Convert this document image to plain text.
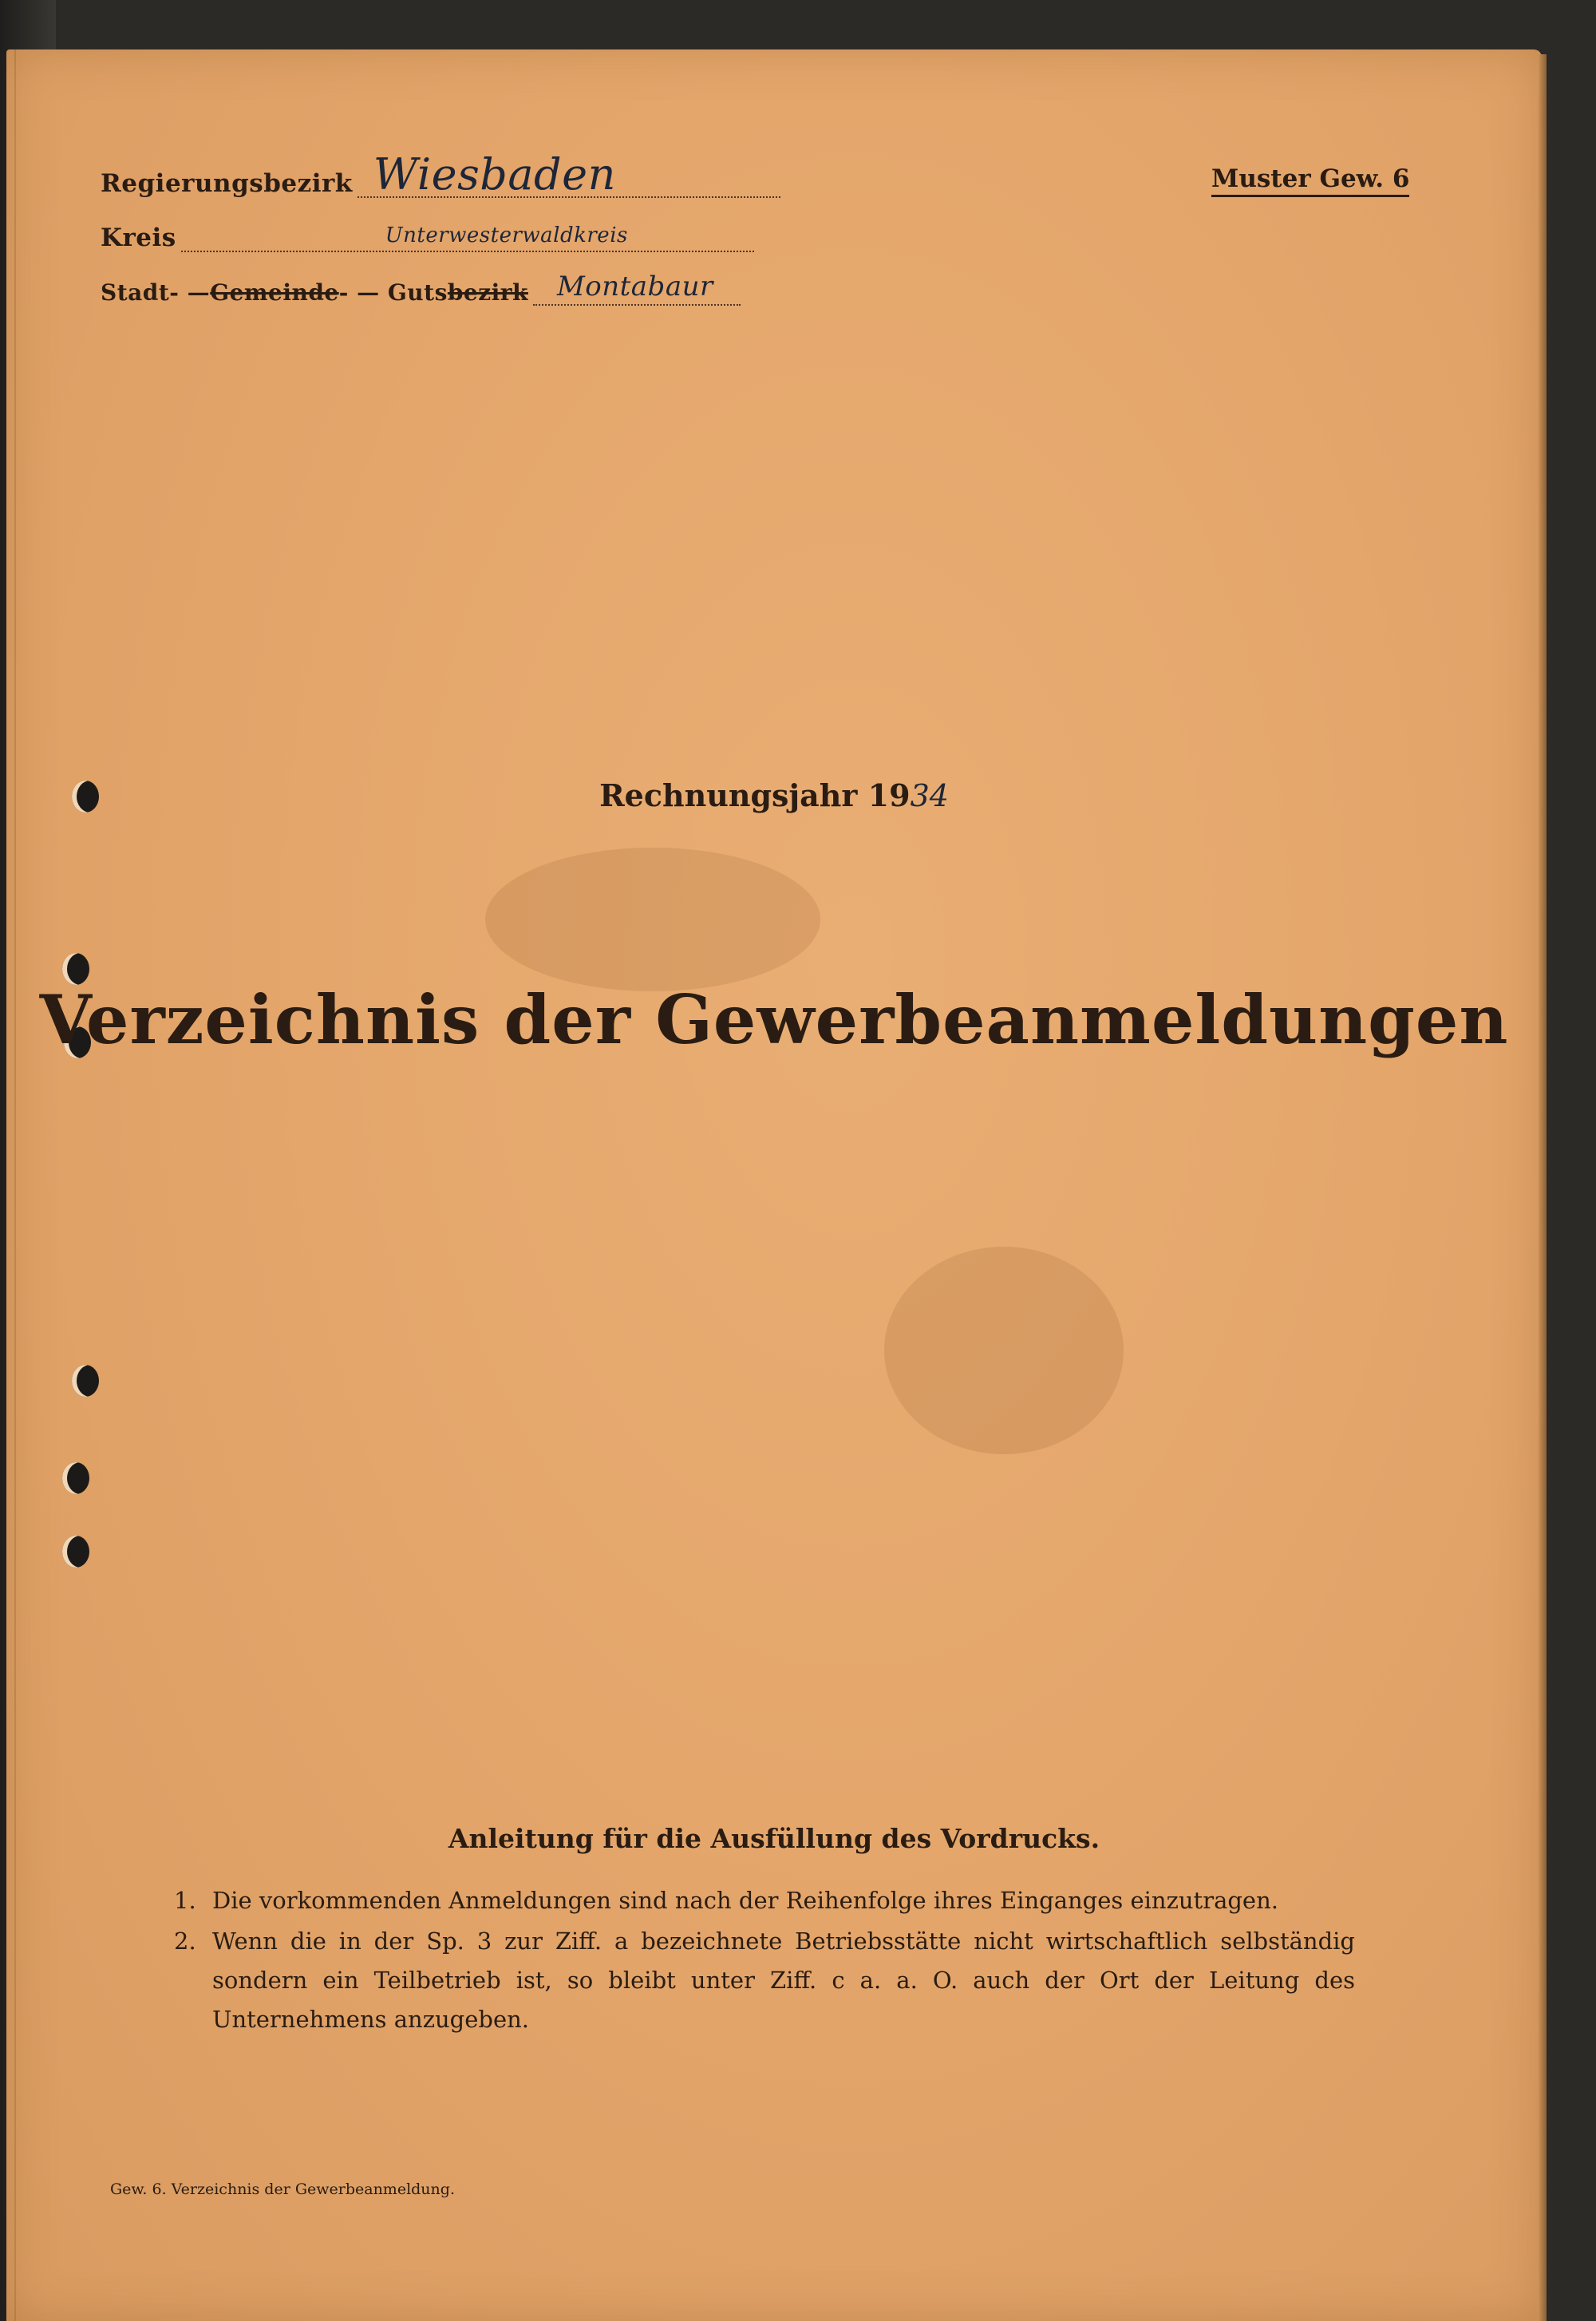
Regierungsbezirk Wiesbaden
Kreis	Unterwesterwaldkreis
Stadt- — Gemeinde - — Guts bezirk Montabaur
Muster Gew. 6
Rechnungsjahr 1934
Verzeichnis der Gewerbeanmeldungen
Anleitung für die Ausfüllung des Vordrucks.
1. Die vorkommenden Anmeldungen sind nach der Reihenfolge ihres Einganges einzutragen.
2. Wenn die in der Sp. 3 zur Ziff. a bezeichnete Betriebsstätte nicht wirtschaftlich selbständig sondern ein Teilbetrieb ist, so bleibt unter Ziff. c a. a. O. auch der Ort der Leitung des Unternehmens anzugeben.
Gew. 6. Verzeichnis der Gewerbeanmeldung.
